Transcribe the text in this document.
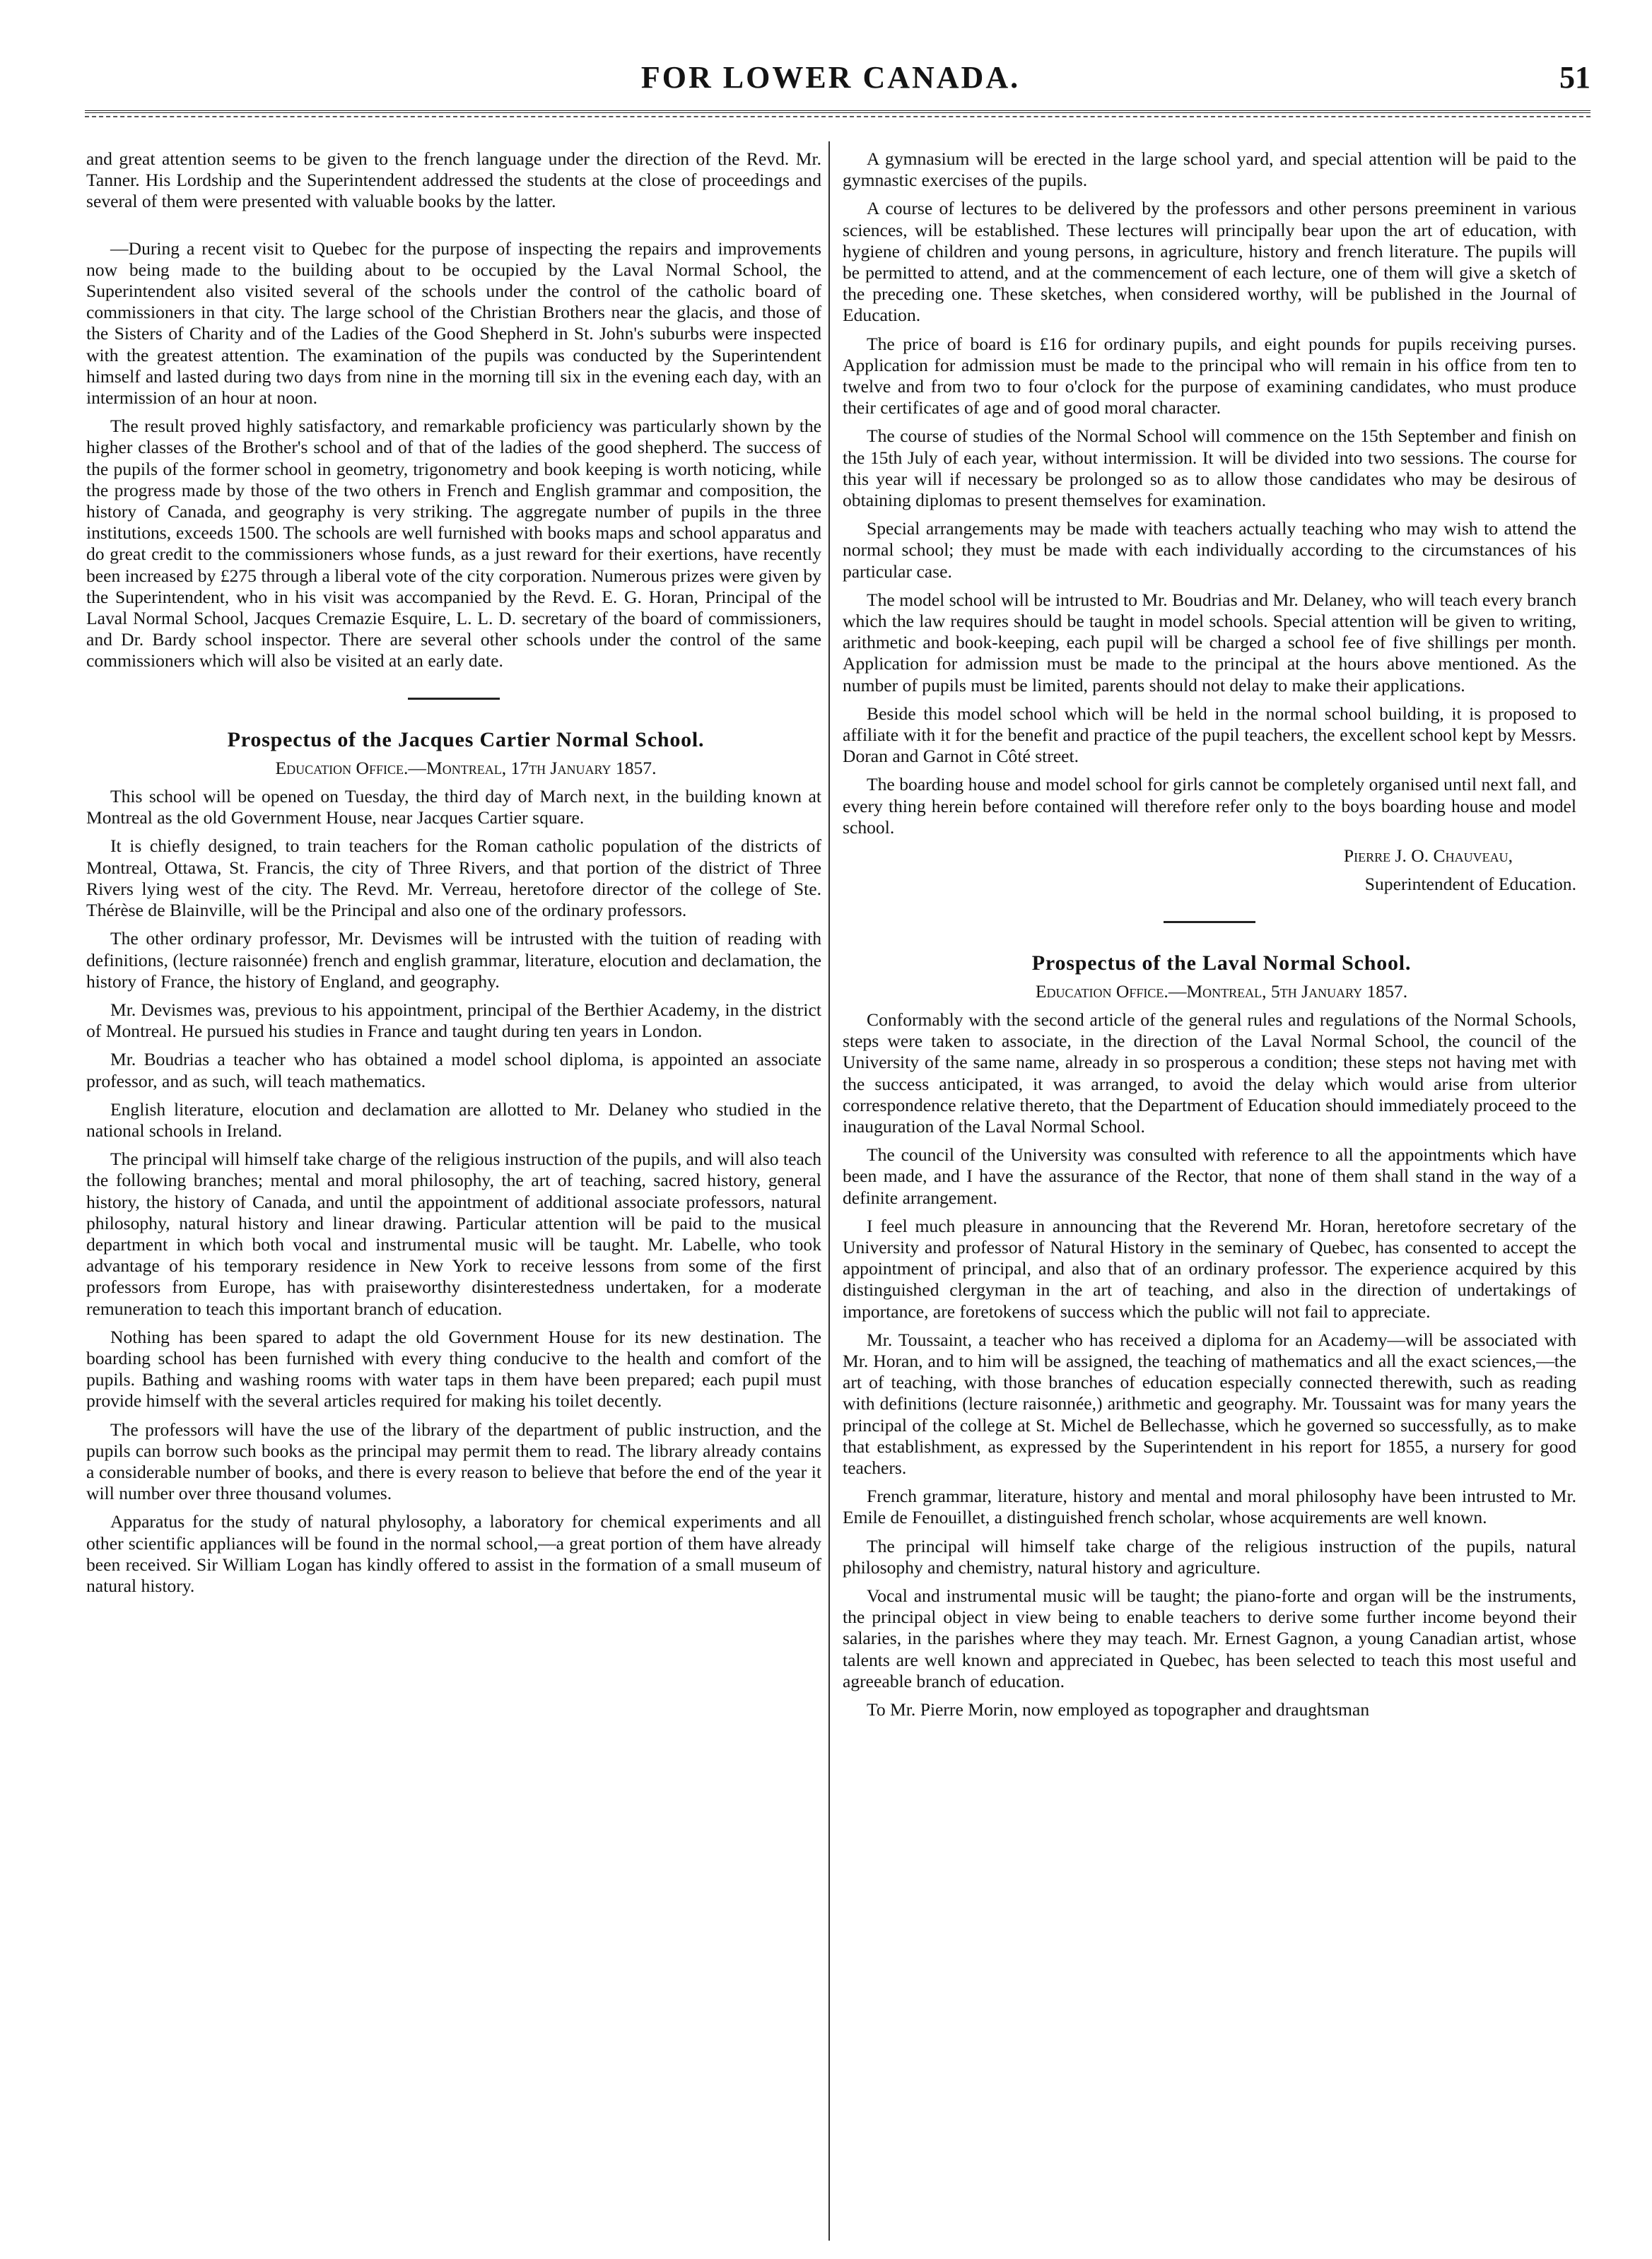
FOR LOWER CANADA.	51

and great attention seems to be given to the french language under the direction of the Revd. Mr. Tanner. His Lordship and the Superintendent addressed the students at the close of proceedings and several of them were presented with valuable books by the latter.

—During a recent visit to Quebec for the purpose of inspecting the repairs and improvements now being made to the building about to be occupied by the Laval Normal School, the Superintendent also visited several of the schools under the control of the catholic board of commissioners in that city. The large school of the Christian Brothers near the glacis, and those of the Sisters of Charity and of the Ladies of the Good Shepherd in St. John's suburbs were inspected with the greatest attention. The examination of the pupils was conducted by the Superintendent himself and lasted during two days from nine in the morning till six in the evening each day, with an intermission of an hour at noon.

The result proved highly satisfactory, and remarkable proficiency was particularly shown by the higher classes of the Brother's school and of that of the ladies of the good shepherd. The success of the pupils of the former school in geometry, trigonometry and book keeping is worth noticing, while the progress made by those of the two others in French and English grammar and composition, the history of Canada, and geography is very striking. The aggregate number of pupils in the three institutions, exceeds 1500. The schools are well furnished with books maps and school apparatus and do great credit to the commissioners whose funds, as a just reward for their exertions, have recently been increased by £275 through a liberal vote of the city corporation. Numerous prizes were given by the Superintendent, who in his visit was accompanied by the Revd. E. G. Horan, Principal of the Laval Normal School, Jacques Cremazie Esquire, L. L. D. secretary of the board of commissioners, and Dr. Bardy school inspector. There are several other schools under the control of the same commissioners which will also be visited at an early date.

Prospectus of the Jacques Cartier Normal School.

Education Office.—Montreal, 17th January 1857.

This school will be opened on Tuesday, the third day of March next, in the building known at Montreal as the old Government House, near Jacques Cartier square.

It is chiefly designed, to train teachers for the Roman catholic population of the districts of Montreal, Ottawa, St. Francis, the city of Three Rivers, and that portion of the district of Three Rivers lying west of the city. The Revd. Mr. Verreau, heretofore director of the college of Ste. Thérèse de Blainville, will be the Principal and also one of the ordinary professors.

The other ordinary professor, Mr. Devismes will be intrusted with the tuition of reading with definitions, (lecture raisonnée) french and english grammar, literature, elocution and declamation, the history of France, the history of England, and geography.

Mr. Devismes was, previous to his appointment, principal of the Berthier Academy, in the district of Montreal. He pursued his studies in France and taught during ten years in London.

Mr. Boudrias a teacher who has obtained a model school diploma, is appointed an associate professor, and as such, will teach mathematics.

English literature, elocution and declamation are allotted to Mr. Delaney who studied in the national schools in Ireland.

The principal will himself take charge of the religious instruction of the pupils, and will also teach the following branches; mental and moral philosophy, the art of teaching, sacred history, general history, the history of Canada, and until the appointment of additional associate professors, natural philosophy, natural history and linear drawing. Particular attention will be paid to the musical department in which both vocal and instrumental music will be taught. Mr. Labelle, who took advantage of his temporary residence in New York to receive lessons from some of the first professors from Europe, has with praiseworthy disinterestedness undertaken, for a moderate remuneration to teach this important branch of education.

Nothing has been spared to adapt the old Government House for its new destination. The boarding school has been furnished with every thing conducive to the health and comfort of the pupils. Bathing and washing rooms with water taps in them have been prepared; each pupil must provide himself with the several articles required for making his toilet decently.

The professors will have the use of the library of the department of public instruction, and the pupils can borrow such books as the principal may permit them to read. The library already contains a considerable number of books, and there is every reason to believe that before the end of the year it will number over three thousand volumes.

Apparatus for the study of natural phylosophy, a laboratory for chemical experiments and all other scientific appliances will be found in the normal school,—a great portion of them have already been received. Sir William Logan has kindly offered to assist in the formation of a small museum of natural history.

A gymnasium will be erected in the large school yard, and special attention will be paid to the gymnastic exercises of the pupils.

A course of lectures to be delivered by the professors and other persons preeminent in various sciences, will be established. These lectures will principally bear upon the art of education, with hygiene of children and young persons, in agriculture, history and french literature. The pupils will be permitted to attend, and at the commencement of each lecture, one of them will give a sketch of the preceding one. These sketches, when considered worthy, will be published in the Journal of Education.

The price of board is £16 for ordinary pupils, and eight pounds for pupils receiving purses. Application for admission must be made to the principal who will remain in his office from ten to twelve and from two to four o'clock for the purpose of examining candidates, who must produce their certificates of age and of good moral character.

The course of studies of the Normal School will commence on the 15th September and finish on the 15th July of each year, without intermission. It will be divided into two sessions. The course for this year will if necessary be prolonged so as to allow those candidates who may be desirous of obtaining diplomas to present themselves for examination.

Special arrangements may be made with teachers actually teaching who may wish to attend the normal school; they must be made with each individually according to the circumstances of his particular case.

The model school will be intrusted to Mr. Boudrias and Mr. Delaney, who will teach every branch which the law requires should be taught in model schools. Special attention will be given to writing, arithmetic and book-keeping, each pupil will be charged a school fee of five shillings per month. Application for admission must be made to the principal at the hours above mentioned. As the number of pupils must be limited, parents should not delay to make their applications.

Beside this model school which will be held in the normal school building, it is proposed to affiliate with it for the benefit and practice of the pupil teachers, the excellent school kept by Messrs. Doran and Garnot in Côté street.

The boarding house and model school for girls cannot be completely organised until next fall, and every thing herein before contained will therefore refer only to the boys boarding house and model school.

Pierre J. O. Chauveau,

Superintendent of Education.

Prospectus of the Laval Normal School.

Education Office.—Montreal, 5th January 1857.

Conformably with the second article of the general rules and regulations of the Normal Schools, steps were taken to associate, in the direction of the Laval Normal School, the council of the University of the same name, already in so prosperous a condition; these steps not having met with the success anticipated, it was arranged, to avoid the delay which would arise from ulterior correspondence relative thereto, that the Department of Education should immediately proceed to the inauguration of the Laval Normal School.

The council of the University was consulted with reference to all the appointments which have been made, and I have the assurance of the Rector, that none of them shall stand in the way of a definite arrangement.

I feel much pleasure in announcing that the Reverend Mr. Horan, heretofore secretary of the University and professor of Natural History in the seminary of Quebec, has consented to accept the appointment of principal, and also that of an ordinary professor. The experience acquired by this distinguished clergyman in the art of teaching, and also in the direction of undertakings of importance, are foretokens of success which the public will not fail to appreciate.

Mr. Toussaint, a teacher who has received a diploma for an Academy—will be associated with Mr. Horan, and to him will be assigned, the teaching of mathematics and all the exact sciences,—the art of teaching, with those branches of education especially connected therewith, such as reading with definitions (lecture raisonnée,) arithmetic and geography. Mr. Toussaint was for many years the principal of the college at St. Michel de Bellechasse, which he governed so successfully, as to make that establishment, as expressed by the Superintendent in his report for 1855, a nursery for good teachers.

French grammar, literature, history and mental and moral philosophy have been intrusted to Mr. Emile de Fenouillet, a distinguished french scholar, whose acquirements are well known.

The principal will himself take charge of the religious instruction of the pupils, natural philosophy and chemistry, natural history and agriculture.

Vocal and instrumental music will be taught; the piano-forte and organ will be the instruments, the principal object in view being to enable teachers to derive some further income beyond their salaries, in the parishes where they may teach. Mr. Ernest Gagnon, a young Canadian artist, whose talents are well known and appreciated in Quebec, has been selected to teach this most useful and agreeable branch of education.

To Mr. Pierre Morin, now employed as topographer and draughtsman
